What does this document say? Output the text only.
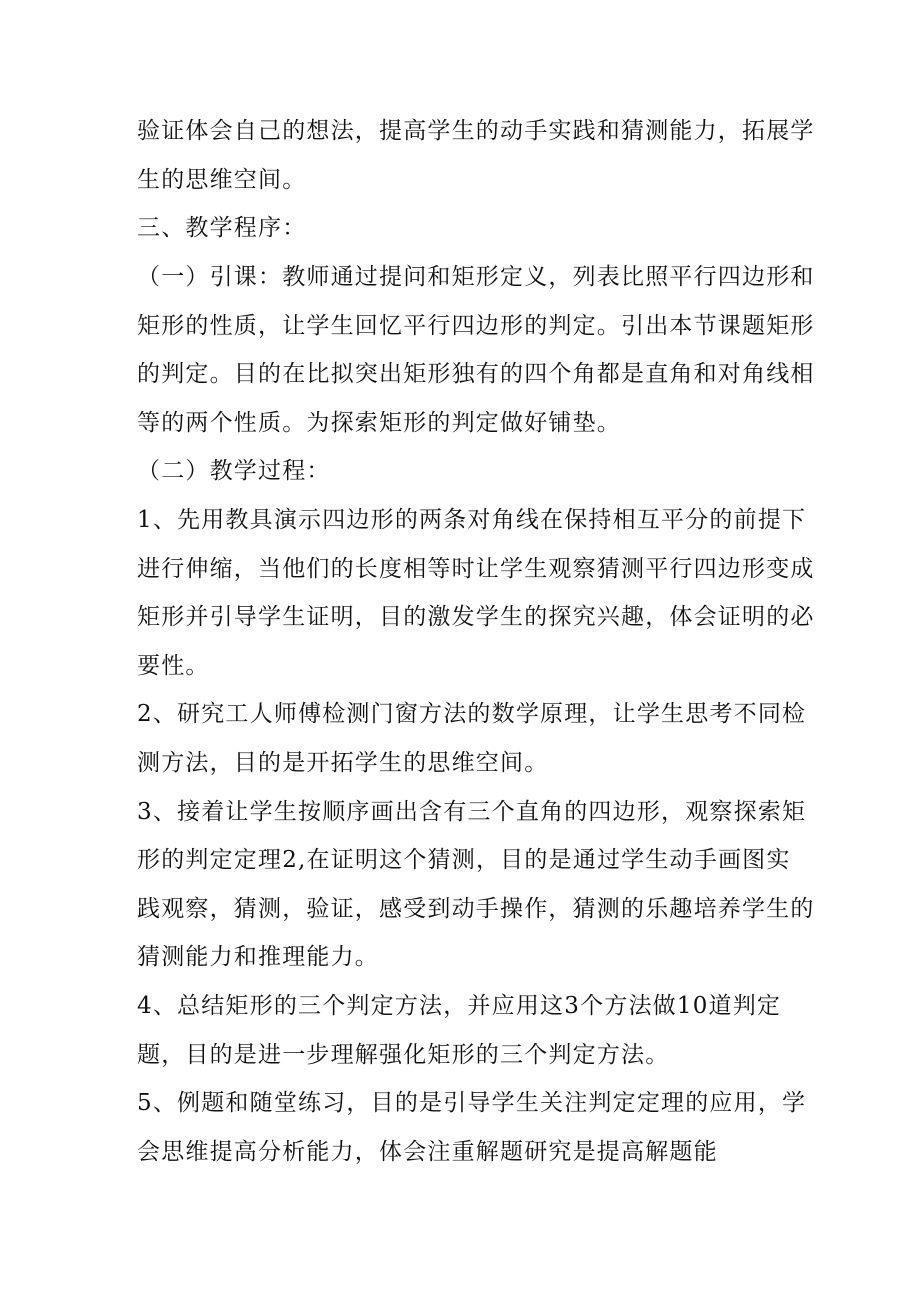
验证体会自己的想法，提高学生的动手实践和猜测能力，拓展学

生的思维空间。

三、教学程序：

（一）引课：教师通过提问和矩形定义，列表比照平行四边形和

矩形的性质，让学生回忆平行四边形的判定。引出本节课题矩形

的判定。目的在比拟突出矩形独有的四个角都是直角和对角线相

等的两个性质。为探索矩形的判定做好铺垫。

（二）教学过程：

1、先用教具演示四边形的两条对角线在保持相互平分的前提下

进行伸缩，当他们的长度相等时让学生观察猜测平行四边形变成

矩形并引导学生证明，目的激发学生的探究兴趣，体会证明的必

要性。

2、研究工人师傅检测门窗方法的数学原理，让学生思考不同检

测方法，目的是开拓学生的思维空间。

3、接着让学生按顺序画出含有三个直角的四边形，观察探索矩

形的判定定理2,在证明这个猜测，目的是通过学生动手画图实

践观察，猜测，验证，感受到动手操作，猜测的乐趣培养学生的

猜测能力和推理能力。

4、总结矩形的三个判定方法，并应用这3个方法做10道判定

题，目的是进一步理解强化矩形的三个判定方法。

5、例题和随堂练习，目的是引导学生关注判定定理的应用，学

会思维提高分析能力，体会注重解题研究是提高解题能
